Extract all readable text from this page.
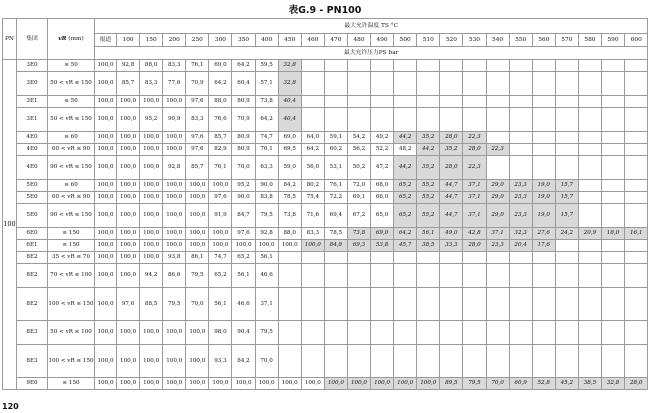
表G.9 - PN100
PN	集团	vR (mm)	最大允许温度 TS °C																							
			报道	100	150	200	250	300	350	400	450	460	470	480	490	500	510	520	530	540	550	560	570	580	590	600
			最大允许压力PS bar																							
100	3E0	≤ 50	100,0	92,8	88,0	83,3	76,1	69,0	64,2	59,5	32,8															
	3E0	50 < vR ≤ 150	100,0	85,7	83,3	77,6	70,9	64,2	60,4	57,1	32,8															
	3E1	≤ 50	100,0	100,0	100,0	100,0	97,6	88,0	80,9	73,8	40,4															
	3E1	50 < vR ≤ 150	100,0	100,0	95,2	90,9	83,3	76,6	70,9	64,2	40,4															
	4E0	≤ 60	100,0	100,0	100,0	100,0	97,6	85,7	80,9	74,7	69,0	64,0	59,1	54,2	49,2	44,2	35,2	28,0	22,3							
	4E0	60 < vR ≤ 90	100,0	100,0	100,0	100,0	97,6	82,9	80,9	76,1	69,5	64,2	60,2	56,2	52,2	48,2	44,2	35,2	28,0	22,3						
	4E0	90 < vR ≤ 150	100,0	100,0	100,0	92,8	85,7	76,1	70,0	63,3	59,0	56,0	53,1	50,2	47,2	44,2	35,2	28,0	22,3							
	5E0	≤ 60	100,0	100,0	100,0	100,0	100,0	100,0	95,2	90,0	84,2	80,2	76,1	72,0	68,0	65,2	55,2	44,7	37,1	29,0	23,3	19,0	15,7			
	5E0	60 < vR ≤ 90	100,0	100,0	100,0	100,0	100,0	97,6	90,0	83,8	78,5	75,4	72,2	69,1	66,0	65,2	55,2	44,7	37,1	29,0	23,3	19,0	15,7			
	5E0	90 < vR ≤ 150	100,0	100,0	100,0	100,0	100,0	91,9	84,7	79,5	73,8	71,6	69,4	67,2	65,0	65,2	55,2	44,7	37,1	29,0	23,3	19,0	15,7			
	6E0	≤ 150	100,0	100,0	100,0	100,0	100,0	100,0	97,6	92,8	88,0	83,3	78,5	73,8	69,0	64,2	56,1	49,0	42,8	37,1	32,3	27,6	24,2	20,9	18,0	16,1
	6E1	≤ 150	100,0	100,0	100,0	100,0	100,0	100,0	100,0	100,0	100,0	100,0	84,8	69,3	53,8	45,7	38,5	33,3	28,0	23,3	20,4	17,6				
	8E2	35 < vR ≤ 70	100,0	100,0	100,0	93,8	86,1	74,7	65,2	56,1																
	8E2	70 < vR ≤ 100	100,0	100,0	94,2	86,6	79,5	65,2	56,1	46,6																
	8E2	100 < vR ≤ 150	100,0	97,6	88,5	79,5	70,0	56,1	46,6	37,1																
	8E3	50 < vR ≤ 100	100,0	100,0	100,0	100,0	100,0	98,0	90,4	79,5																
	8E3	100 < vR ≤ 150	100,0	100,0	100,0	100,0	100,0	93,3	84,2	70,0																
	9E0	≤ 150	100,0	100,0	100,0	100,0	100,0	100,0	100,0	100,0	100,0	100,0	100,0	100,0	100,0	100,0	100,0	89,5	79,5	70,0	60,9	52,8	45,2	38,5	32,8	28,0
120
